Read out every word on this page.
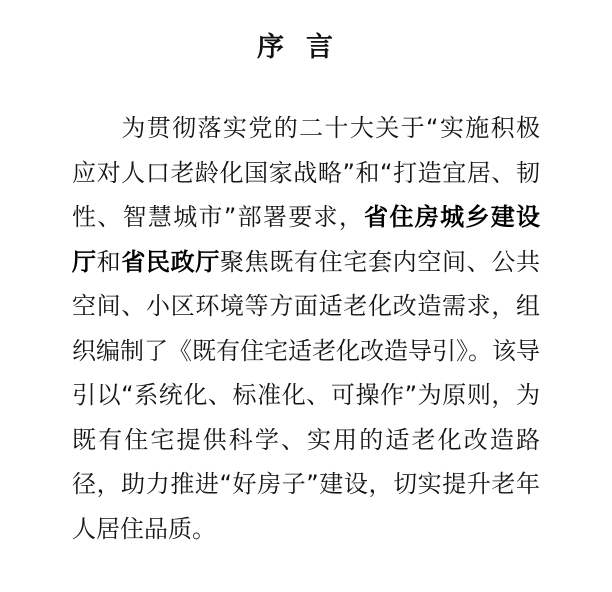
序言

为贯彻落实党的二十大关于“实施积极应对人口老龄化国家战略”和“打造宜居、韧性、智慧城市”部署要求，省住房城乡建设厅和省民政厅聚焦既有住宅套内空间、公共空间、小区环境等方面适老化改造需求，组织编制了《既有住宅适老化改造导引》。该导引以“系统化、标准化、可操作”为原则，为既有住宅提供科学、实用的适老化改造路径，助力推进“好房子”建设，切实提升老年人居住品质。
